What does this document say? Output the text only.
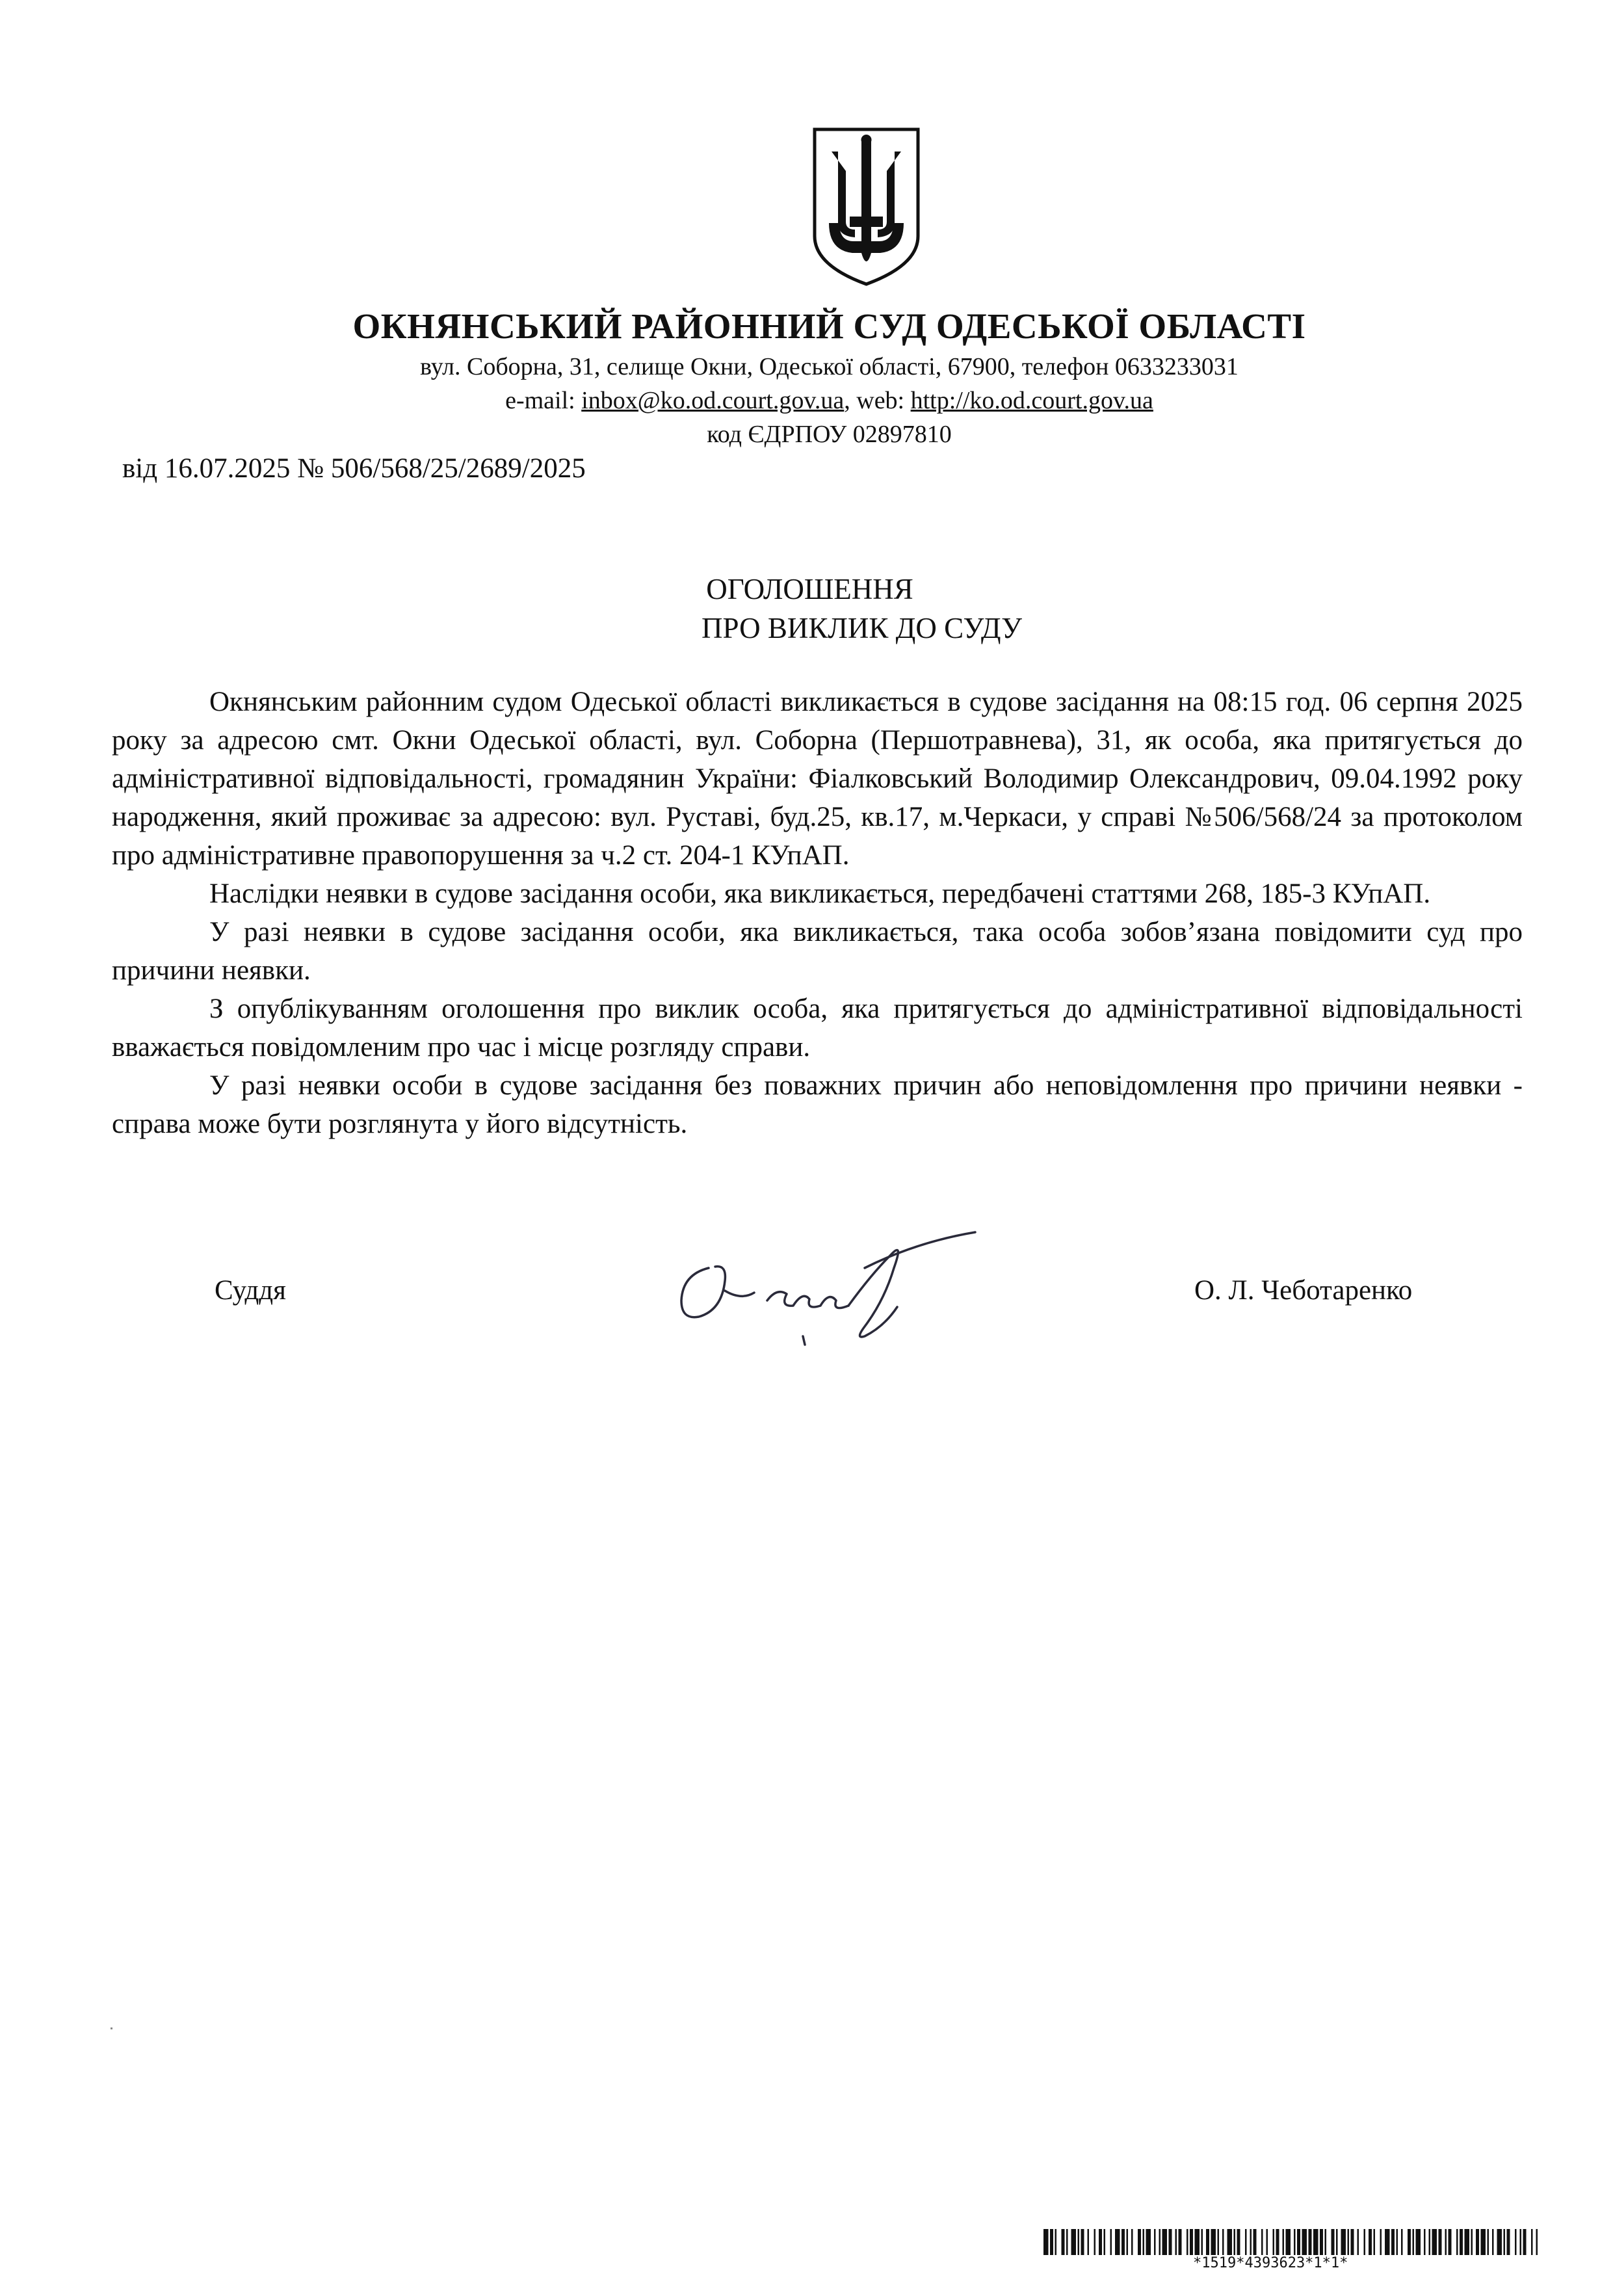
ОКНЯНСЬКИЙ РАЙОННИЙ СУД ОДЕСЬКОЇ ОБЛАСТІ
вул. Соборна, 31, селище Окни, Одеської області, 67900, телефон 0633233031
e-mail: inbox@ko.od.court.gov.ua, web: http://ko.od.court.gov.ua
код ЄДРПОУ 02897810
від 16.07.2025 № 506/568/25/2689/2025
ОГОЛОШЕННЯ
ПРО ВИКЛИК ДО СУДУ

Окнянським районним судом Одеської області викликається в судове засідання на 08:15 год. 06 серпня 2025 року за адресою смт. Окни Одеської області, вул. Соборна (Першотравнева), 31, як особа, яка притягується до адміністративної відповідальності, громадянин України: Фіалковський Володимир Олександрович, 09.04.1992 року народження, який проживає за адресою: вул. Руставі, буд.25, кв.17, м.Черкаси, у справі №506/568/24 за протоколом про адміністративне правопорушення за ч.2 ст. 204-1 КУпАП.

Наслідки неявки в судове засідання особи, яка викликається, передбачені статтями 268, 185-3 КУпАП.

У разі неявки в судове засідання особи, яка викликається, така особа зобов’язана повідомити суд про причини неявки.

З опублікуванням оголошення про виклик особа, яка притягується до адміністративної відповідальності вважається повідомленим про час і місце розгляду справи.

У разі неявки особи в судове засідання без поважних причин або неповідомлення про причини неявки - справа може бути розглянута у його відсутність.

Суддя	О. Л. Чеботаренко
*1519*4393623*1*1*
